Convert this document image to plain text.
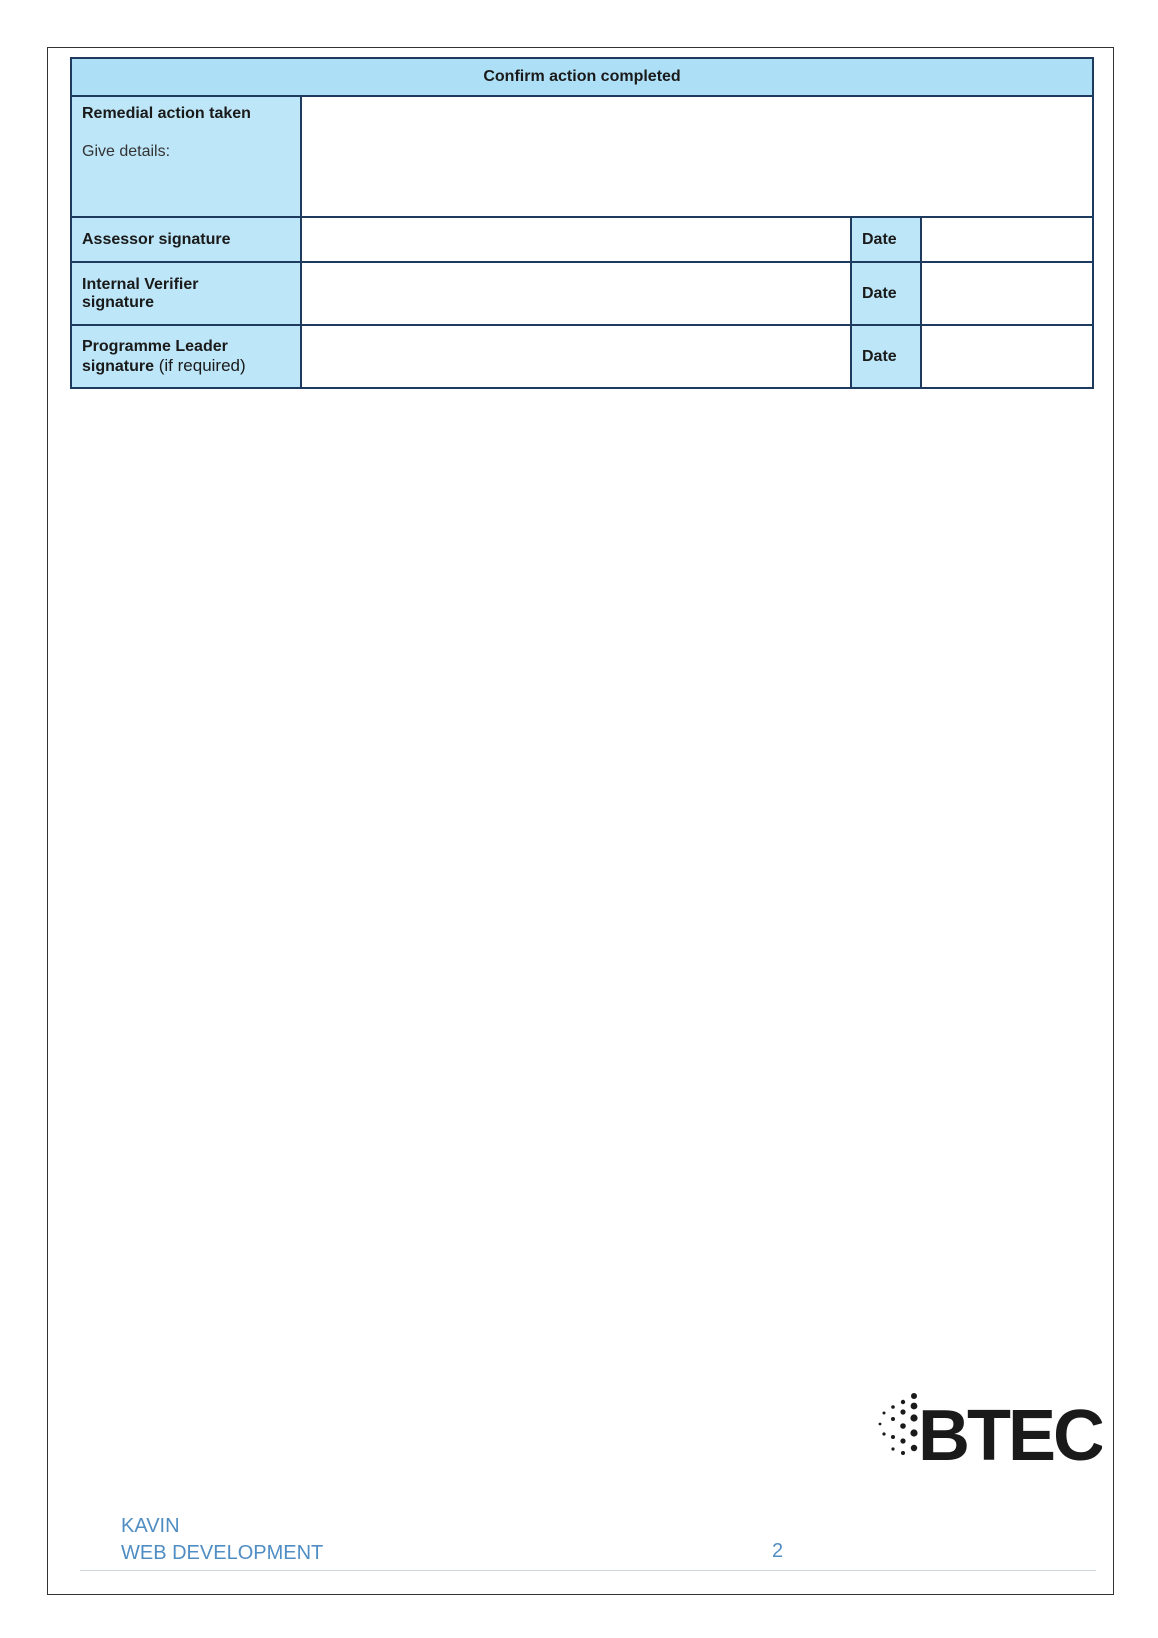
Confirm action completed			
Remedial action taken
Give details:			

Assessor signature		Date	
Internal Verifier
signature		Date	
Programme Leader
signature (if required)		Date	
BTEC
KAVIN
WEB DEVELOPMENT	2
